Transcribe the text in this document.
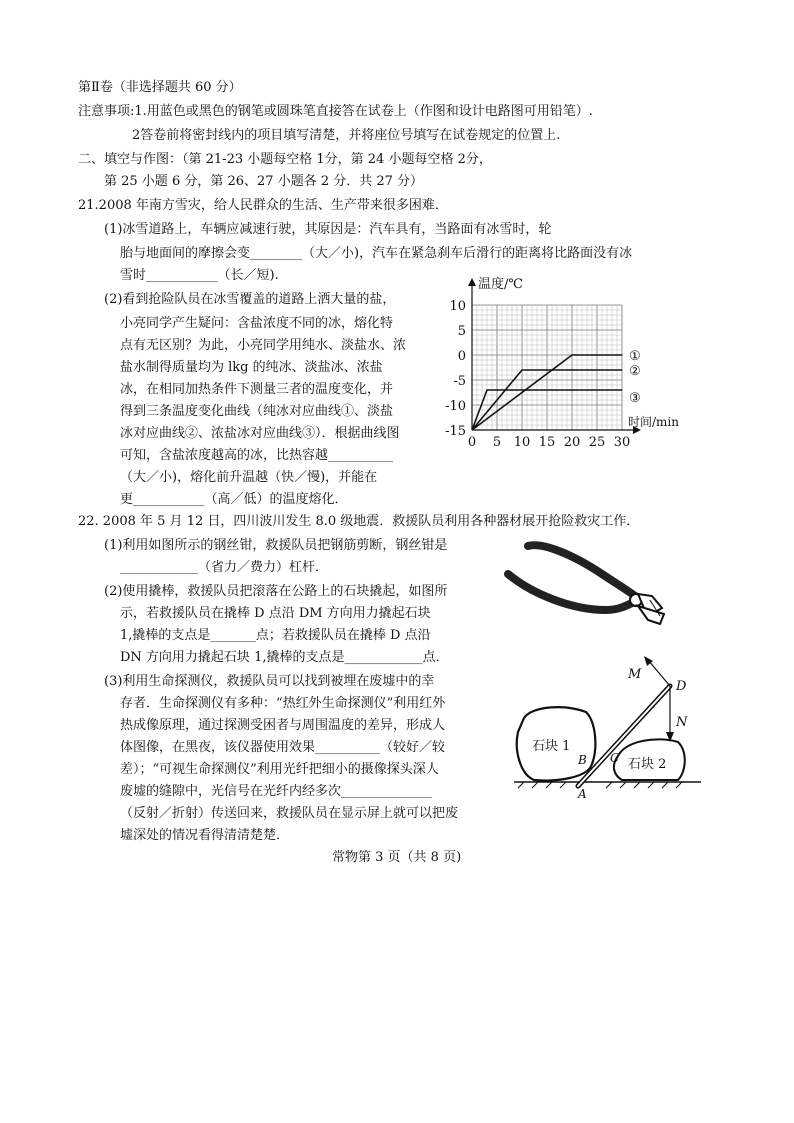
第Ⅱ卷（非选择题共 60 分）
注意事项:1.用蓝色或黑色的钢笔或圆珠笔直接答在试卷上（作图和设计电路图可用铅笔）.
2答卷前将密封线内的项目填写清楚，并将座位号填写在试卷规定的位置上.
二、填空与作图：（第 21-23 小题每空格 1分，第 24 小题每空格 2分，
第 25 小题 6 分，第 26、27 小题各 2 分．共 27 分）
21.2008 年南方雪灾，给人民群众的生活、生产带来很多困难．
(1)冰雪道路上，车辆应减速行驶，其原因是：汽车具有，当路面有冰雪时，轮
胎与地面间的摩擦会变________（大／小)，汽车在紧急刹车后滑行的距离将比路面没有冰
雪时___________（长／短).
(2)看到抢险队员在冰雪覆盖的道路上洒大量的盐，
小亮同学产生疑问：含盐浓度不同的冰，熔化特
点有无区别？为此，小亮同学用纯水、淡盐水、浓
盐水制得质量均为 lkg 的纯冰、淡盐冰、浓盐
冰，在相同加热条件下测量三者的温度变化，并
得到三条温度变化曲线（纯冰对应曲线①、淡盐
冰对应曲线②、浓盐冰对应曲线③）．根据曲线图
可知，含盐浓度越高的冰，比热容越__________
（大／小)，熔化前升温越（快／慢)，并能在
更___________（高／低）的温度熔化．
0 5 10 15 20 25 30
10
5
0
-5
-10
-15
①
②
③
温度/℃
时间/min
22. 2008 年 5 月 12 日，四川波川发生 8.0 级地震．救援队员利用各种器材展开抢险救灾工作．
(1)利用如图所示的钢丝钳，救援队员把钢筋剪断，钢丝钳是
____________（省力／费力）杠杆．
(2)使用撬棒，救援队员把滚落在公路上的石块撬起，如图所
示，若救援队员在撬棒 D 点沿 DM 方向用力撬起石块
1,撬棒的支点是_______点；若救援队员在撬棒 D 点沿
DN 方向用力撬起石块 1,撬棒的支点是____________点．
(3)利用生命探测仪，救援队员可以找到被埋在废墟中的幸
存者．生命探测仪有多种：“热红外生命探测仪”利用红外
热成像原理，通过探测受困者与周围温度的差异，形成人
体图像，在黑夜，该仪器使用效果__________（较好／较
差）；“可视生命探测仪”利用光纤把细小的摄像探头深人
废墟的缝隙中，光信号在光纤内经多次______________
（反射／折射）传送回来，救援队员在显示屏上就可以把废
墟深处的情况看得清清楚楚．
石块 1
石块 2
M
D
N
B C
A
常物第 3 页（共 8 页)
